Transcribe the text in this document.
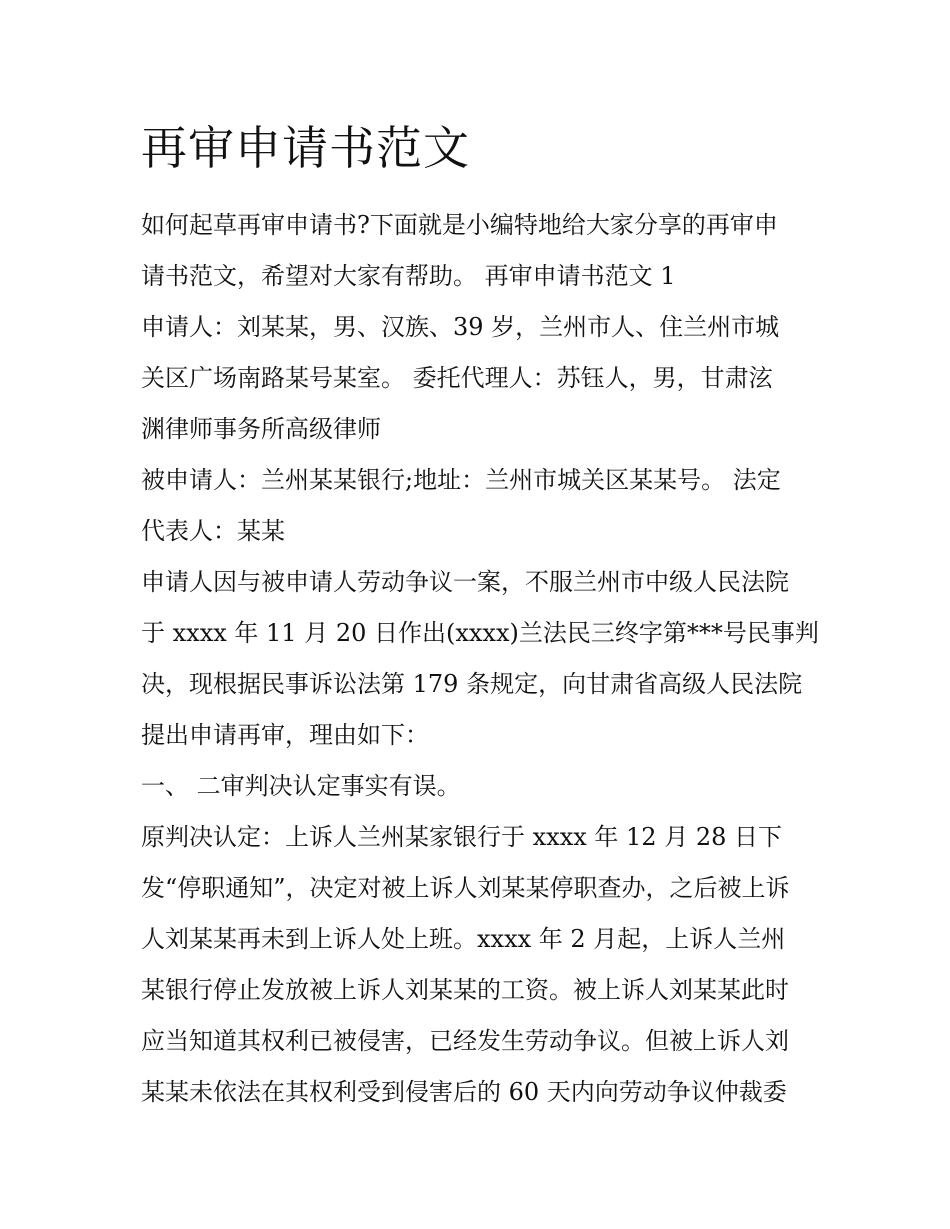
再审申请书范文
如何起草再审申请书?下面就是小编特地给大家分享的再审申
请书范文，希望对大家有帮助。 再审申请书范文 1
申请人：刘某某，男、汉族、39 岁，兰州市人、住兰州市城
关区广场南路某号某室。 委托代理人：苏钰人，男，甘肃泫
渊律师事务所高级律师
被申请人：兰州某某银行;地址：兰州市城关区某某号。 法定
代表人：某某
申请人因与被申请人劳动争议一案，不服兰州市中级人民法院
于 xxxx 年 11 月 20 日作出(xxxx)兰法民三终字第***号民事判
决，现根据民事诉讼法第 179 条规定，向甘肃省高级人民法院
提出申请再审，理由如下：
一、 二审判决认定事实有误。
原判决认定：上诉人兰州某家银行于 xxxx 年 12 月 28 日下
发“停职通知”，决定对被上诉人刘某某停职查办，之后被上诉
人刘某某再未到上诉人处上班。xxxx 年 2 月起，上诉人兰州
某银行停止发放被上诉人刘某某的工资。被上诉人刘某某此时
应当知道其权利已被侵害，已经发生劳动争议。但被上诉人刘
某某未依法在其权利受到侵害后的 60 天内向劳动争议仲裁委
